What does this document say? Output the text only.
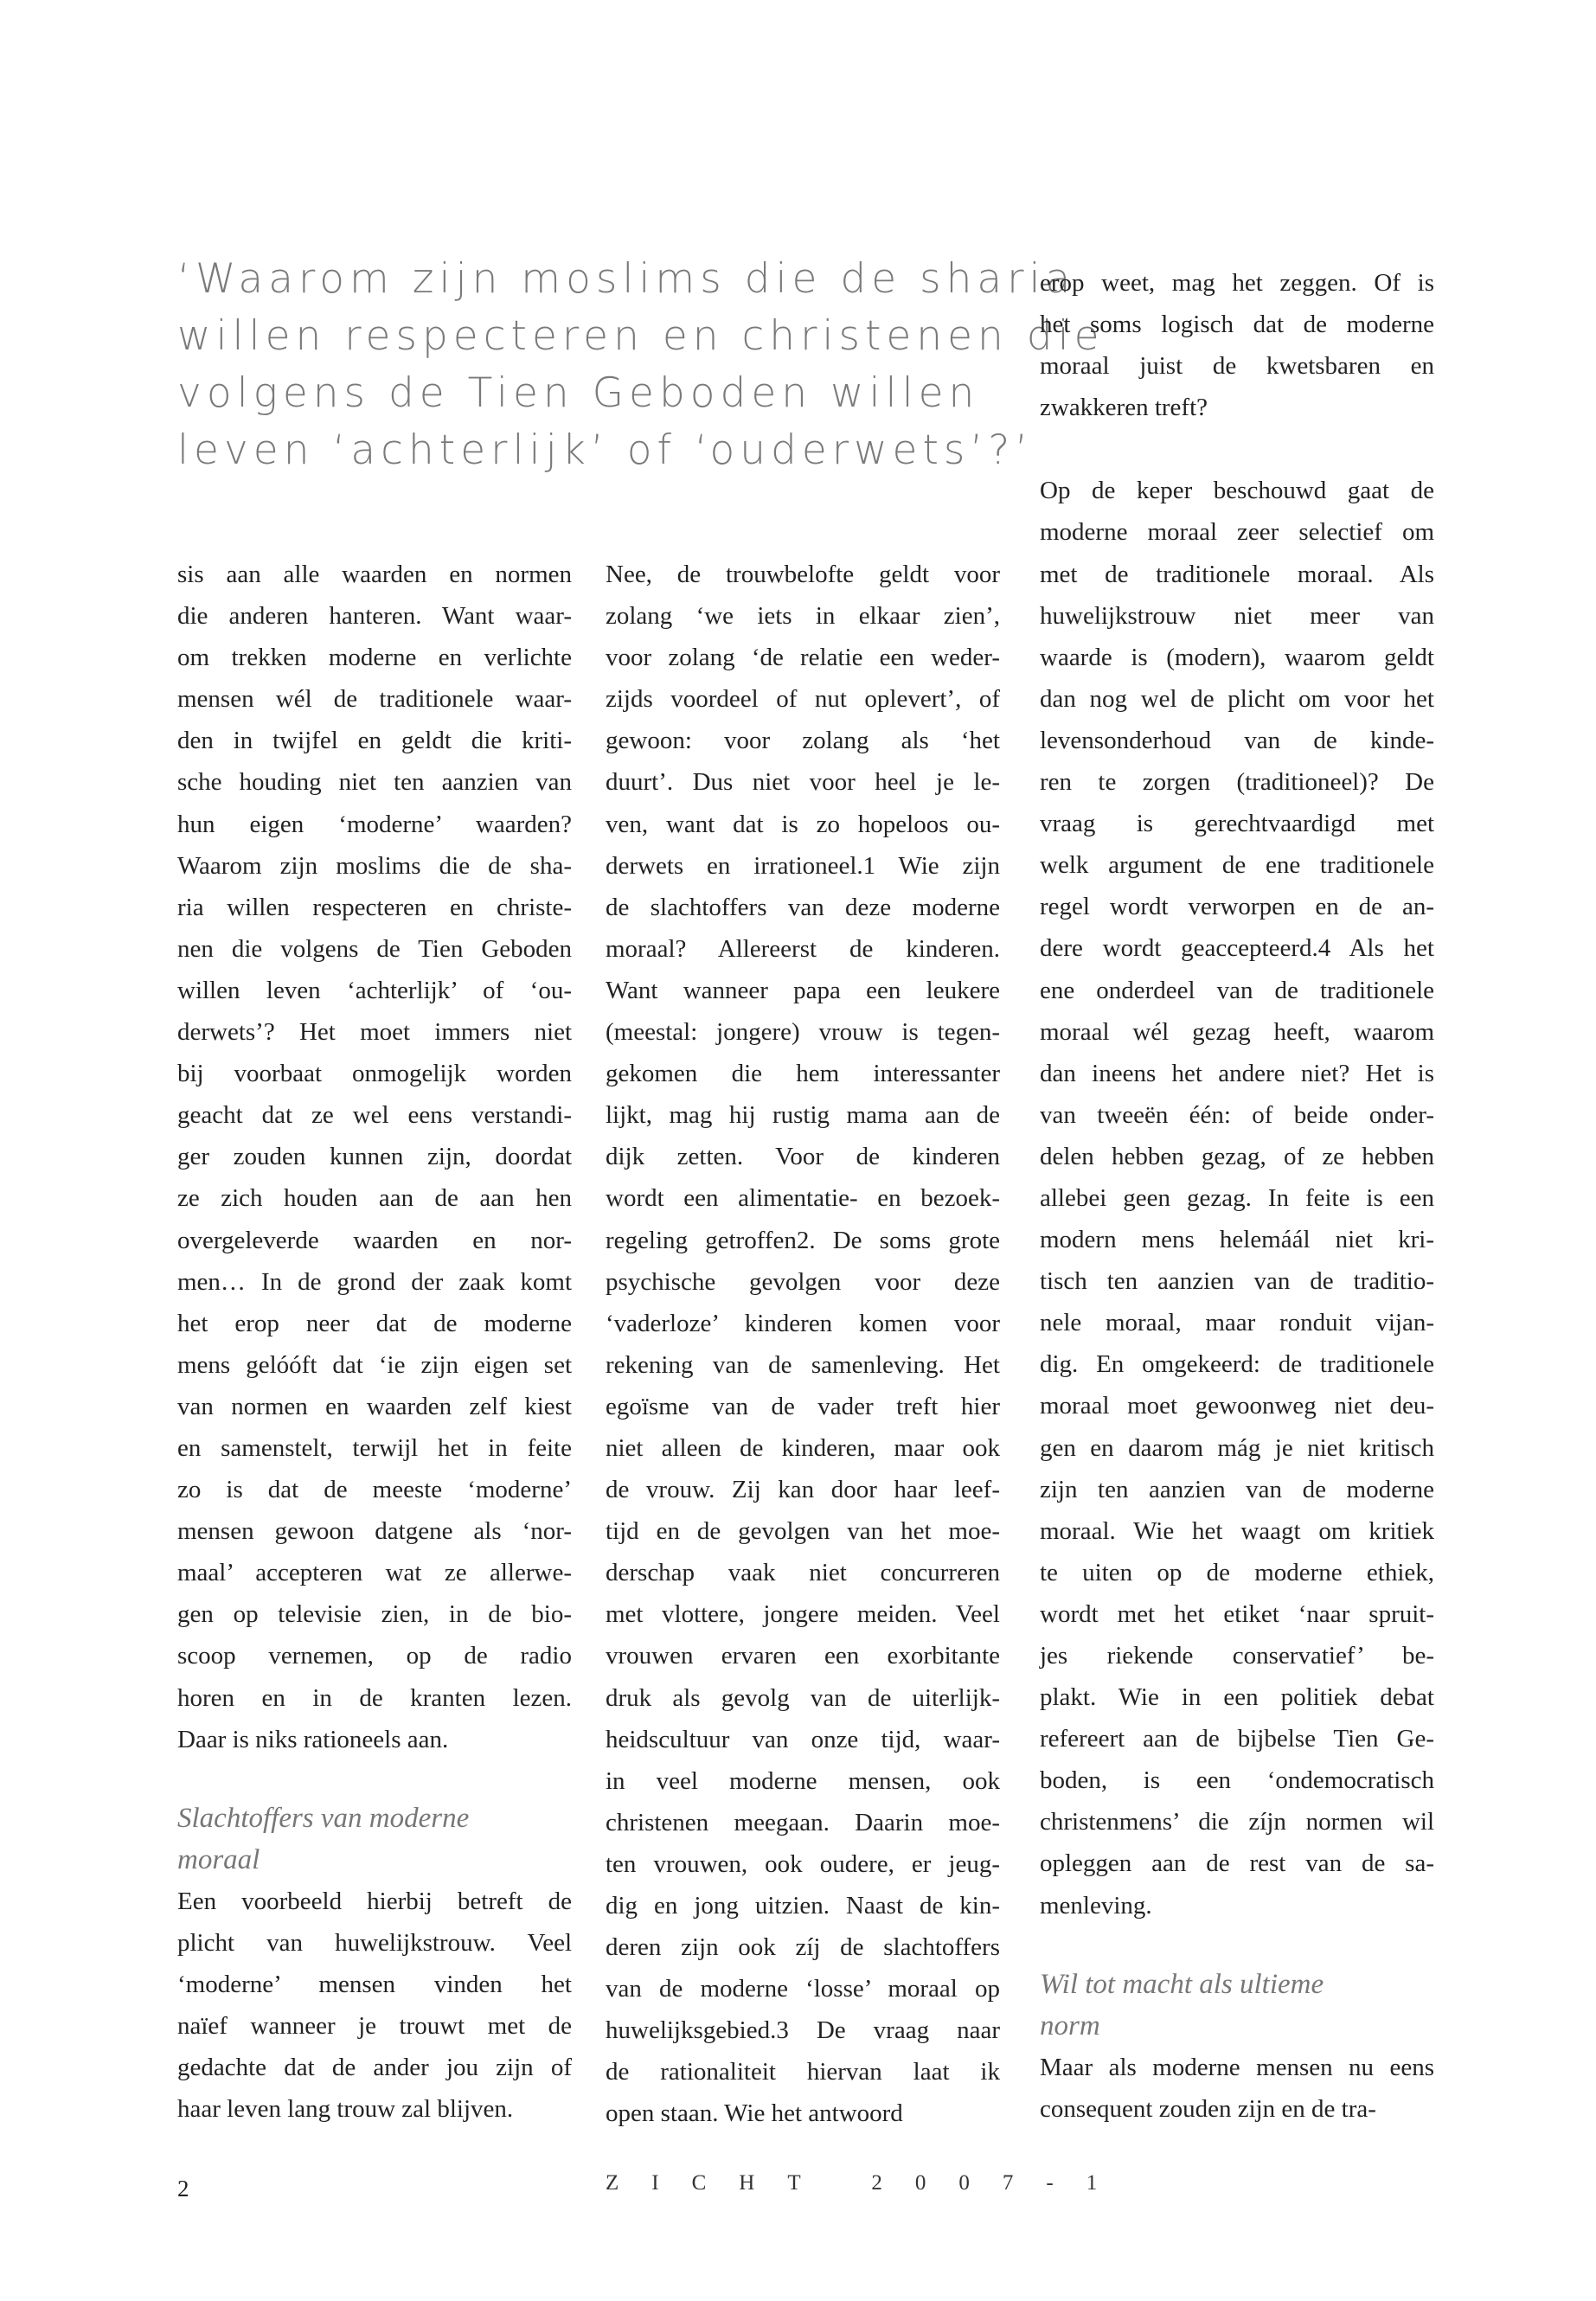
‘Waarom zijn moslims die de sharia
willen respecteren en christenen die
volgens de Tien Geboden willen
leven ‘achterlijk’ of ‘ouderwets’?’
sis aan alle waarden en normen
die anderen hanteren. Want waar-
om trekken moderne en verlichte
mensen wél de traditionele waar-
den in twijfel en geldt die kriti-
sche houding niet ten aanzien van
hun eigen ‘moderne’ waarden?
Waarom zijn moslims die de sha-
ria willen respecteren en christe-
nen die volgens de Tien Geboden
willen leven ‘achterlijk’ of ‘ou-
derwets’? Het moet immers niet
bij voorbaat onmogelijk worden
geacht dat ze wel eens verstandi-
ger zouden kunnen zijn, doordat
ze zich houden aan de aan hen
overgeleverde waarden en nor-
men… In de grond der zaak komt
het erop neer dat de moderne
mens gelóóft dat ‘ie zijn eigen set
van normen en waarden zelf kiest
en samenstelt, terwijl het in feite
zo is dat de meeste ‘moderne’
mensen gewoon datgene als ‘nor-
maal’ accepteren wat ze allerwe-
gen op televisie zien, in de bio-
scoop vernemen, op de radio
horen en in de kranten lezen.
Daar is niks rationeels aan.
Slachtoffers van moderne
moraal
Een voorbeeld hierbij betreft de
plicht van huwelijkstrouw. Veel
‘moderne’ mensen vinden het
naïef wanneer je trouwt met de
gedachte dat de ander jou zijn of
haar leven lang trouw zal blijven.
Nee, de trouwbelofte geldt voor
zolang ‘we iets in elkaar zien’,
voor zolang ‘de relatie een weder-
zijds voordeel of nut oplevert’, of
gewoon: voor zolang als ‘het
duurt’. Dus niet voor heel je le-
ven, want dat is zo hopeloos ou-
derwets en irrationeel.1 Wie zijn
de slachtoffers van deze moderne
moraal? Allereerst de kinderen.
Want wanneer papa een leukere
(meestal: jongere) vrouw is tegen-
gekomen die hem interessanter
lijkt, mag hij rustig mama aan de
dijk zetten. Voor de kinderen
wordt een alimentatie- en bezoek-
regeling getroffen2. De soms grote
psychische gevolgen voor deze
‘vaderloze’ kinderen komen voor
rekening van de samenleving. Het
egoïsme van de vader treft hier
niet alleen de kinderen, maar ook
de vrouw. Zij kan door haar leef-
tijd en de gevolgen van het moe-
derschap vaak niet concurreren
met vlottere, jongere meiden. Veel
vrouwen ervaren een exorbitante
druk als gevolg van de uiterlijk-
heidscultuur van onze tijd, waar-
in veel moderne mensen, ook
christenen meegaan. Daarin moe-
ten vrouwen, ook oudere, er jeug-
dig en jong uitzien. Naast de kin-
deren zijn ook zíj de slachtoffers
van de moderne ‘losse’ moraal op
huwelijksgebied.3 De vraag naar
de rationaliteit hiervan laat ik
open staan. Wie het antwoord
erop weet, mag het zeggen. Of is
het soms logisch dat de moderne
moraal juist de kwetsbaren en
zwakkeren treft?
Op de keper beschouwd gaat de
moderne moraal zeer selectief om
met de traditionele moraal. Als
huwelijkstrouw niet meer van
waarde is (modern), waarom geldt
dan nog wel de plicht om voor het
levensonderhoud van de kinde-
ren te zorgen (traditioneel)? De
vraag is gerechtvaardigd met
welk argument de ene traditionele
regel wordt verworpen en de an-
dere wordt geaccepteerd.4 Als het
ene onderdeel van de traditionele
moraal wél gezag heeft, waarom
dan ineens het andere niet? Het is
van tweeën één: of beide onder-
delen hebben gezag, of ze hebben
allebei geen gezag. In feite is een
modern mens helemáál niet kri-
tisch ten aanzien van de traditio-
nele moraal, maar ronduit vijan-
dig. En omgekeerd: de traditionele
moraal moet gewoonweg niet deu-
gen en daarom mág je niet kritisch
zijn ten aanzien van de moderne
moraal. Wie het waagt om kritiek
te uiten op de moderne ethiek,
wordt met het etiket ‘naar spruit-
jes riekende conservatief’ be-
plakt. Wie in een politiek debat
refereert aan de bijbelse Tien Ge-
boden, is een ‘ondemocratisch
christenmens’ die zíjn normen wil
opleggen aan de rest van de sa-
menleving.
Wil tot macht als ultieme
norm
Maar als moderne mensen nu eens
consequent zouden zijn en de tra-
2	ZICHT 2007-1
